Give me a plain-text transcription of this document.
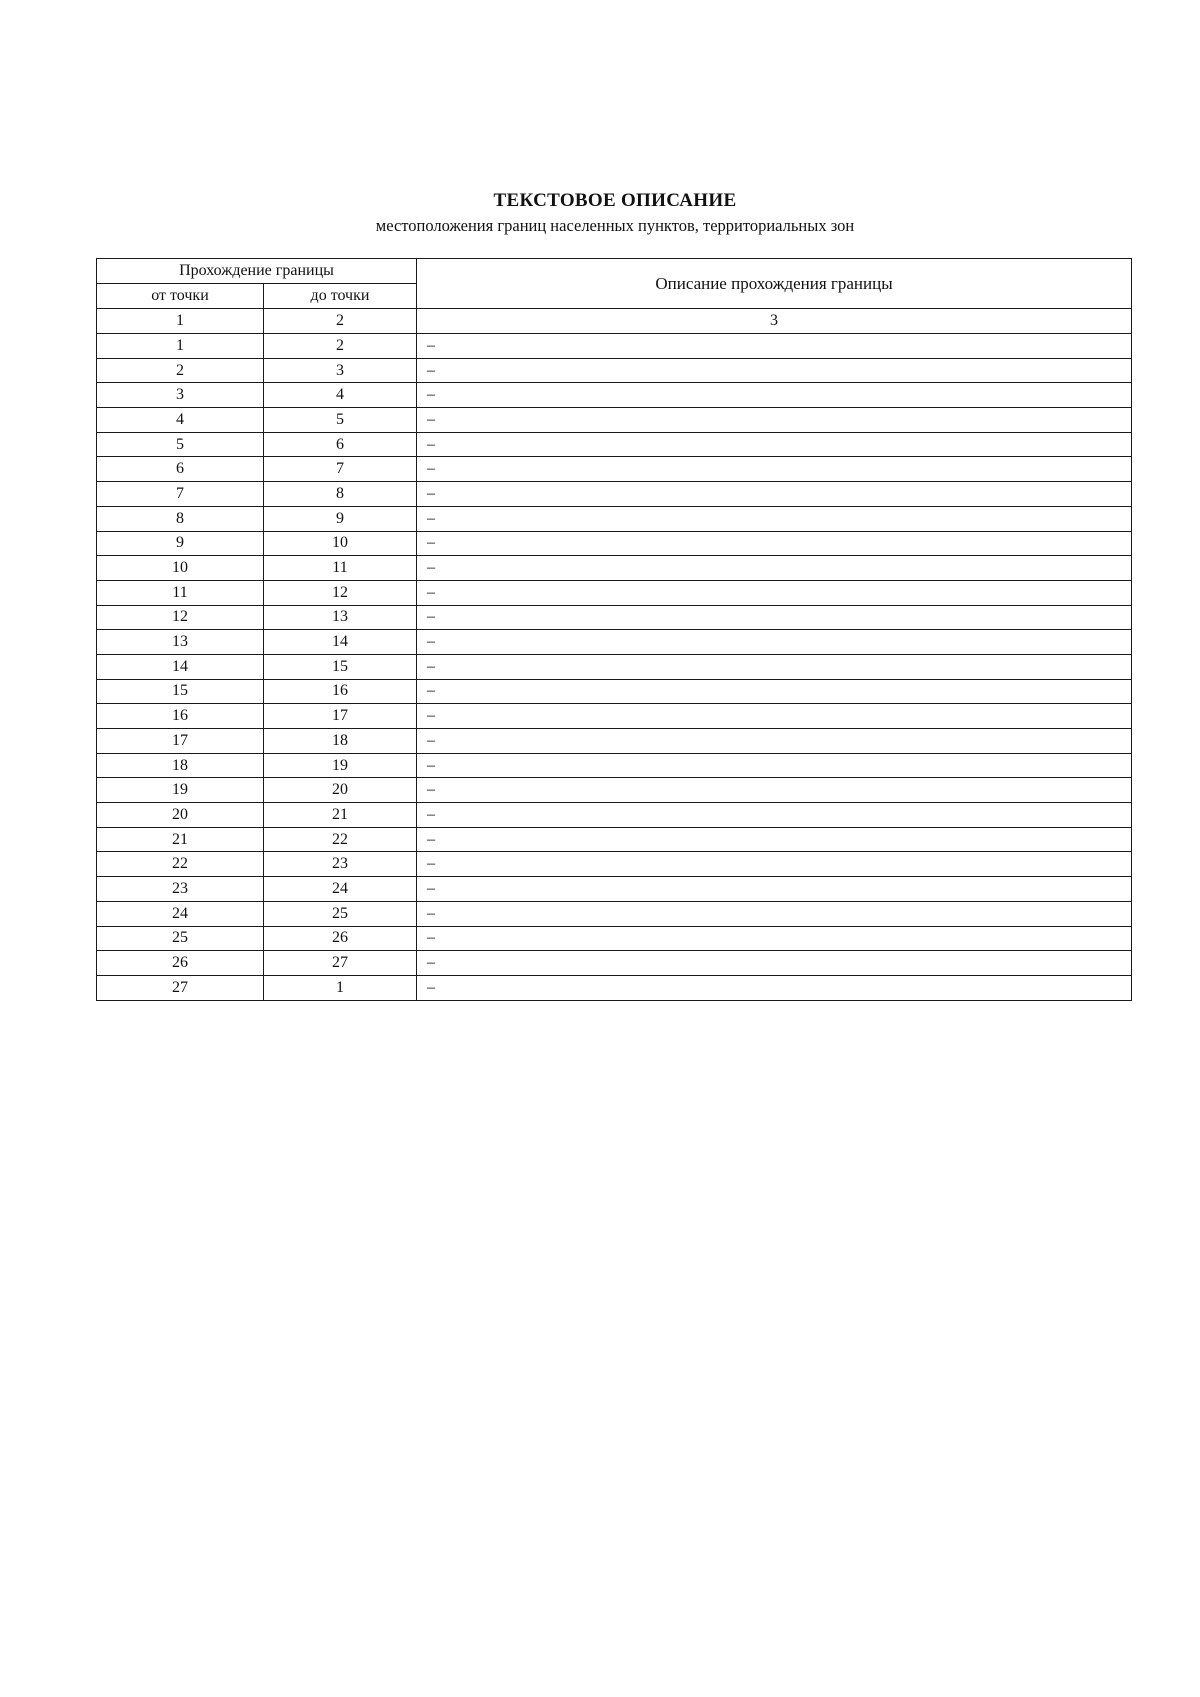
ТЕКСТОВОЕ ОПИСАНИЕ
местоположения границ населенных пунктов, территориальных зон
Прохождение границы		Описание прохождения границы
от точки	до точки	
1	2	3
1	2	–
2	3	–
3	4	–
4	5	–
5	6	–
6	7	–
7	8	–
8	9	–
9	10	–
10	11	–
11	12	–
12	13	–
13	14	–
14	15	–
15	16	–
16	17	–
17	18	–
18	19	–
19	20	–
20	21	–
21	22	–
22	23	–
23	24	–
24	25	–
25	26	–
26	27	–
27	1	–
